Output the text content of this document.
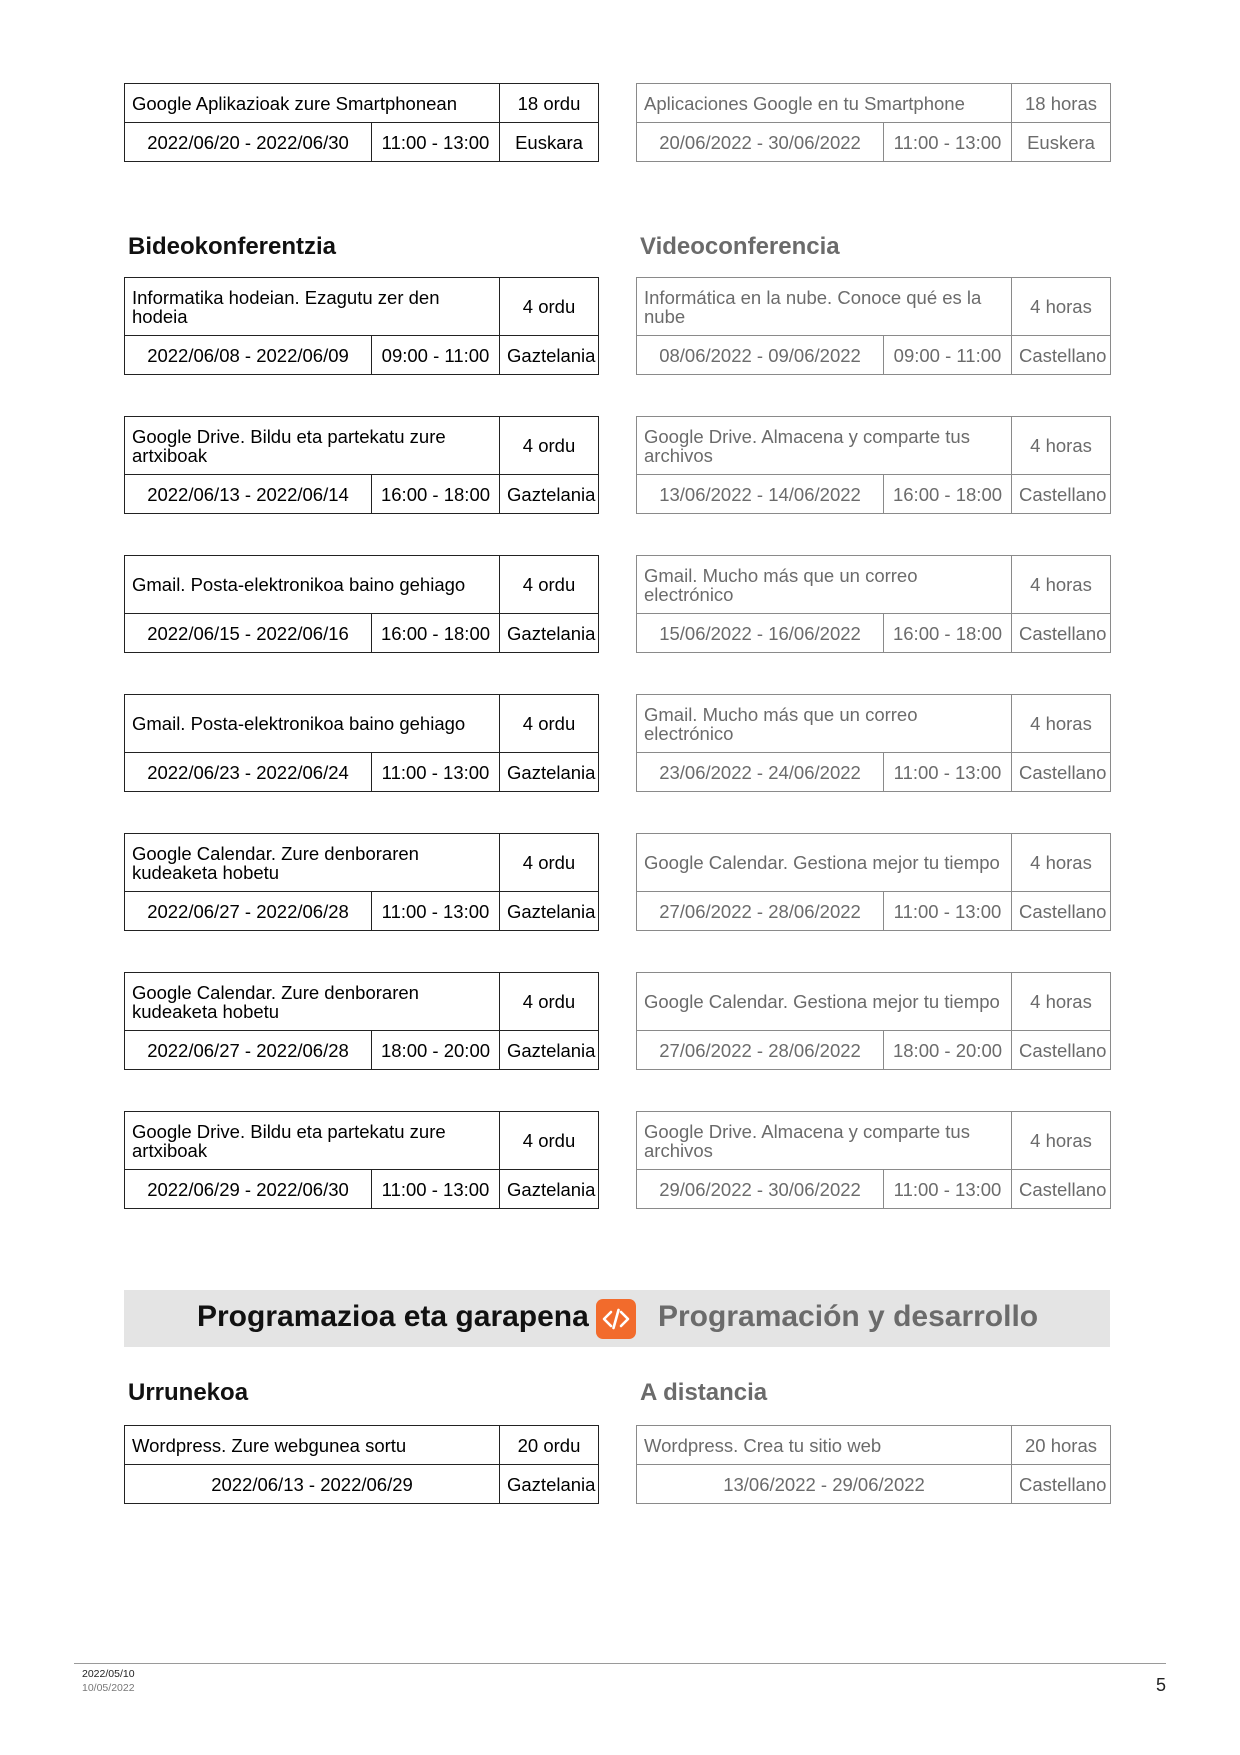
Google Aplikazioak zure Smartphonean		18 ordu
2022/06/20 - 2022/06/30	11:00 - 13:00	Euskara
Aplicaciones Google en tu Smartphone		18 horas
20/06/2022 - 30/06/2022	11:00 - 13:00	Euskera
Bideokonferentzia	Videoconferencia
Informatika hodeian. Ezagutu zer den hodeia		4 ordu
2022/06/08 - 2022/06/09	09:00 - 11:00	Gaztelania
Google Drive. Bildu eta partekatu zure artxiboak		4 ordu
2022/06/13 - 2022/06/14	16:00 - 18:00	Gaztelania
Gmail. Posta-elektronikoa baino gehiago		4 ordu
2022/06/15 - 2022/06/16	16:00 - 18:00	Gaztelania
Gmail. Posta-elektronikoa baino gehiago		4 ordu
2022/06/23 - 2022/06/24	11:00 - 13:00	Gaztelania
Google Calendar. Zure denboraren kudeaketa hobetu		4 ordu
2022/06/27 - 2022/06/28	11:00 - 13:00	Gaztelania
Google Calendar. Zure denboraren kudeaketa hobetu		4 ordu
2022/06/27 - 2022/06/28	18:00 - 20:00	Gaztelania
Google Drive. Bildu eta partekatu zure artxiboak		4 ordu
2022/06/29 - 2022/06/30	11:00 - 13:00	Gaztelania
Informática en la nube. Conoce qué es la nube		4 horas
08/06/2022 - 09/06/2022	09:00 - 11:00	Castellano
Google Drive. Almacena y comparte tus archivos		4 horas
13/06/2022 - 14/06/2022	16:00 - 18:00	Castellano
Gmail. Mucho más que un correo electrónico		4 horas
15/06/2022 - 16/06/2022	16:00 - 18:00	Castellano
Gmail. Mucho más que un correo electrónico		4 horas
23/06/2022 - 24/06/2022	11:00 - 13:00	Castellano
Google Calendar. Gestiona mejor tu tiempo		4 horas
27/06/2022 - 28/06/2022	11:00 - 13:00	Castellano
Google Calendar. Gestiona mejor tu tiempo		4 horas
27/06/2022 - 28/06/2022	18:00 - 20:00	Castellano
Google Drive. Almacena y comparte tus archivos		4 horas
29/06/2022 - 30/06/2022	11:00 - 13:00	Castellano
Programazioa eta garapena Programación y desarrollo
Urrunekoa
Wordpress. Zure webgunea sortu	20 ordu
2022/06/13 - 2022/06/29	Gaztelania
A distancia
Wordpress. Crea tu sitio web	20 horas
13/06/2022 - 29/06/2022	Castellano
2022/05/10
10/05/2022	5
